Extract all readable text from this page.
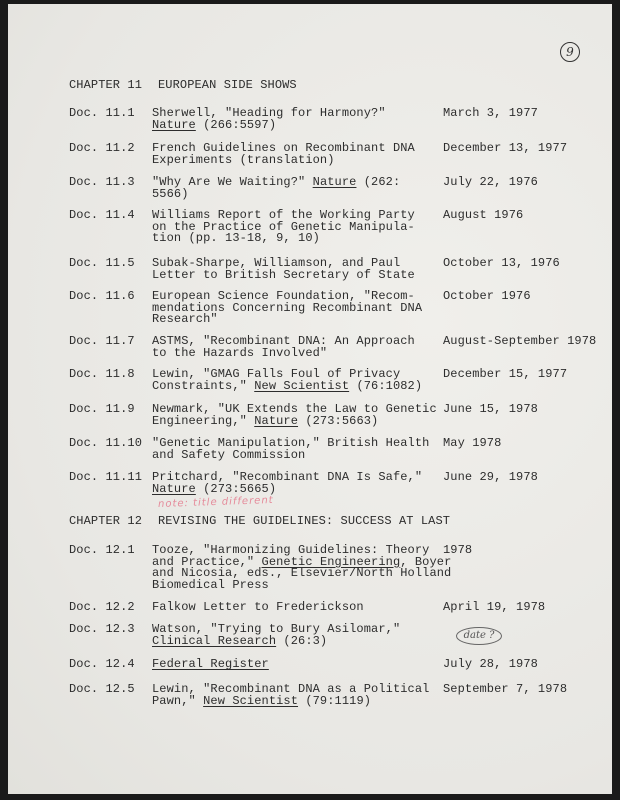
9
CHAPTER 11 EUROPEAN SIDE SHOWS
Doc. 11.1 Sherwell, "Heading for Harmony?"
Nature (266:5597)
March 3, 1977
Doc. 11.2 French Guidelines on Recombinant DNA
Experiments (translation)
December 13, 1977
Doc. 11.3 "Why Are We Waiting?" Nature (262:
5566)
July 22, 1976
Doc. 11.4 Williams Report of the Working Party
on the Practice of Genetic Manipula-
tion (pp. 13-18, 9, 10)
August 1976
Doc. 11.5 Subak-Sharpe, Williamson, and Paul
Letter to British Secretary of State
October 13, 1976
Doc. 11.6 European Science Foundation, "Recom-
mendations Concerning Recombinant DNA
Research"
October 1976
Doc. 11.7 ASTMS, "Recombinant DNA: An Approach
to the Hazards Involved"
August-September 1978
Doc. 11.8 Lewin, "GMAG Falls Foul of Privacy
Constraints," New Scientist (76:1082)
December 15, 1977
Doc. 11.9 Newmark, "UK Extends the Law to Genetic
Engineering," Nature (273:5663)
June 15, 1978
Doc. 11.10 "Genetic Manipulation," British Health
and Safety Commission
May 1978
Doc. 11.11 Pritchard, "Recombinant DNA Is Safe,"
Nature (273:5665)
June 29, 1978
CHAPTER 12 REVISING THE GUIDELINES: SUCCESS AT LAST
Doc. 12.1 Tooze, "Harmonizing Guidelines: Theory
and Practice," Genetic Engineering, Boyer
and Nicosia, eds., Elsevier/North Holland
Biomedical Press
1978
Doc. 12.2 Falkow Letter to Frederickson	April 19, 1978
Doc. 12.3 Watson, "Trying to Bury Asilomar,"
Clinical Research (26:3)
Doc. 12.4 Federal Register	July 28, 1978
Doc. 12.5 Lewin, "Recombinant DNA as a Political
Pawn," New Scientist (79:1119)
September 7, 1978
note: title different
date ?
